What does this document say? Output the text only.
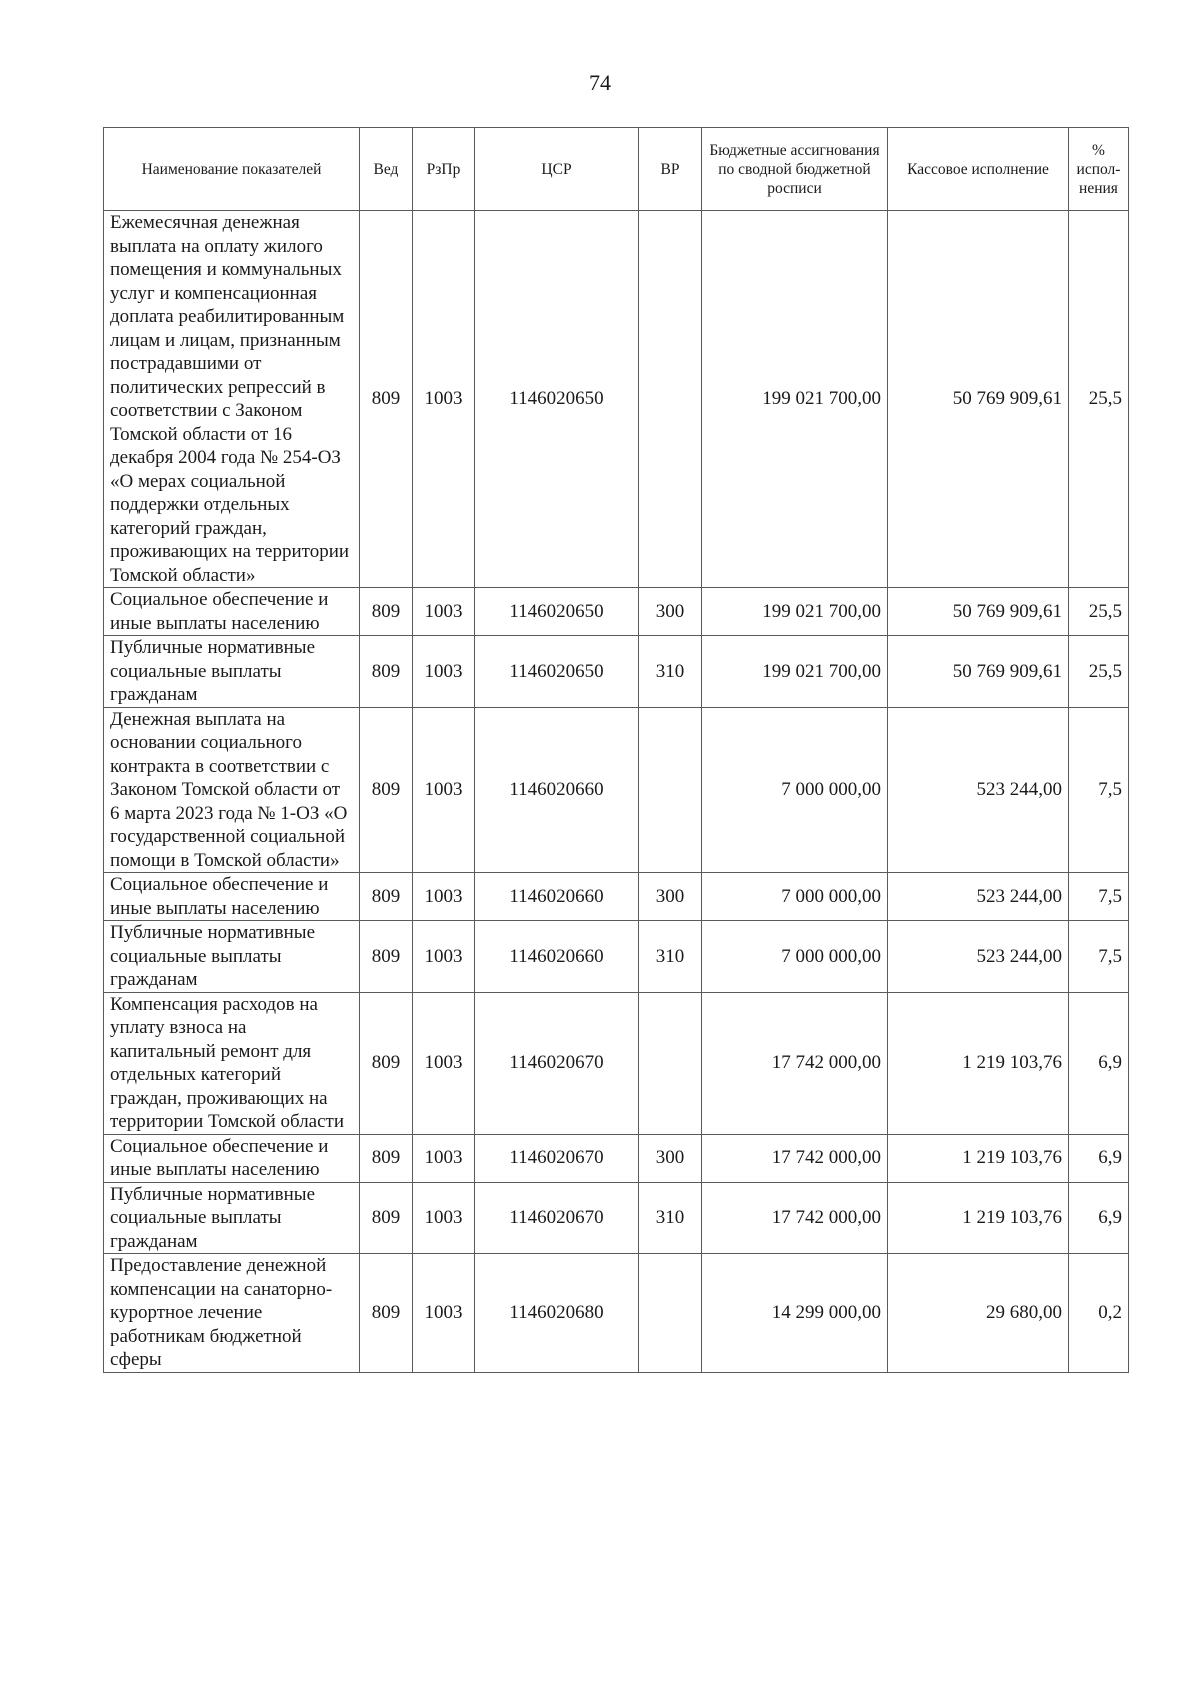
74
Наименование показателей	Вед	РзПр	ЦСР	ВР	Бюджетные ассигнования по сводной бюджетной росписи	Кассовое исполнение	% испол-нения
Ежемесячная денежная выплата на оплату жилого помещения и коммунальных услуг и компенсационная доплата реабилитированным лицам и лицам, признанным пострадавшими от политических репрессий в соответствии с Законом Томской области от 16 декабря 2004 года № 254-ОЗ «О мерах социальной поддержки отдельных категорий граждан, проживающих на территории Томской области»	809	1003	1146020650		199 021 700,00	50 769 909,61	25,5
Социальное обеспечение и иные выплаты населению	809	1003	1146020650	300	199 021 700,00	50 769 909,61	25,5
Публичные нормативные социальные выплаты гражданам	809	1003	1146020650	310	199 021 700,00	50 769 909,61	25,5
Денежная выплата на основании социального контракта в соответствии с Законом Томской области от 6 марта 2023 года № 1-ОЗ «О государственной социальной помощи в Томской области»	809	1003	1146020660		7 000 000,00	523 244,00	7,5
Социальное обеспечение и иные выплаты населению	809	1003	1146020660	300	7 000 000,00	523 244,00	7,5
Публичные нормативные социальные выплаты гражданам	809	1003	1146020660	310	7 000 000,00	523 244,00	7,5
Компенсация расходов на уплату взноса на капитальный ремонт для отдельных категорий граждан, проживающих на территории Томской области	809	1003	1146020670		17 742 000,00	1 219 103,76	6,9
Социальное обеспечение и иные выплаты населению	809	1003	1146020670	300	17 742 000,00	1 219 103,76	6,9
Публичные нормативные социальные выплаты гражданам	809	1003	1146020670	310	17 742 000,00	1 219 103,76	6,9
Предоставление денежной компенсации на санаторно-курортное лечение работникам бюджетной сферы	809	1003	1146020680		14 299 000,00	29 680,00	0,2
